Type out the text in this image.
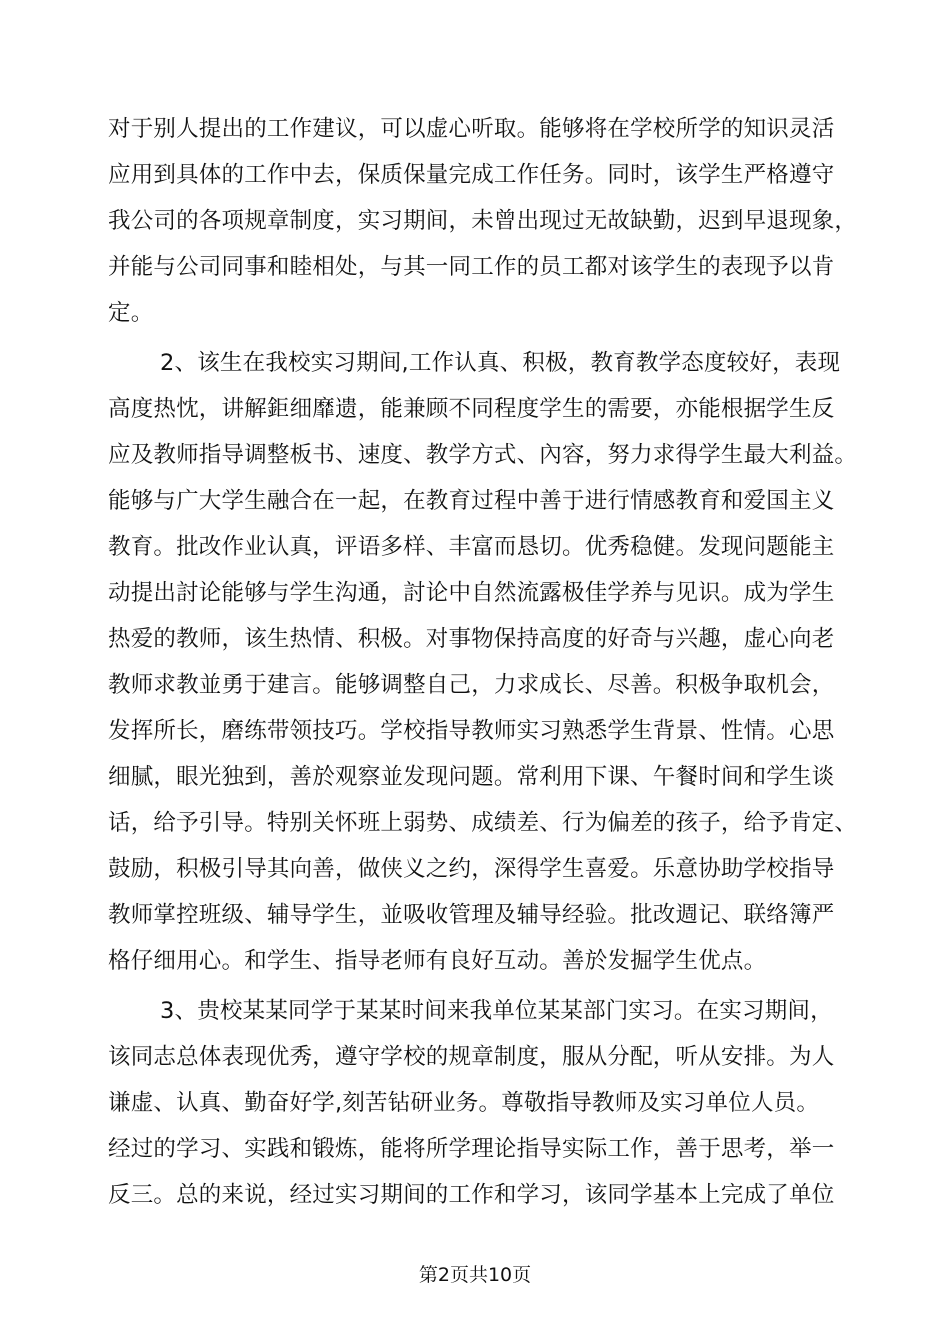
对于别人提出的工作建议，可以虚心听取。能够将在学校所学的知识灵活
应用到具体的工作中去，保质保量完成工作任务。同时，该学生严格遵守
我公司的各项规章制度，实习期间，未曾出现过无故缺勤，迟到早退现象，
并能与公司同事和睦相处，与其一同工作的员工都对该学生的表现予以肯
定。
2、该生在我校实习期间,工作认真、积极，教育教学态度较好，表现
高度热忱，讲解鉅细靡遗，能兼顾不同程度学生的需要，亦能根据学生反
应及教师指导调整板书、速度、教学方式、內容，努力求得学生最大利益。
能够与广大学生融合在一起，在教育过程中善于进行情感教育和爱国主义
教育。批改作业认真，评语多样、丰富而恳切。优秀稳健。发现问题能主
动提出討论能够与学生沟通，討论中自然流露极佳学养与见识。成为学生
热爱的教师，该生热情、积极。对事物保持高度的好奇与兴趣，虚心向老
教师求教並勇于建言。能够调整自己，力求成长、尽善。积极争取机会，
发挥所长，磨练带领技巧。学校指导教师实习熟悉学生背景、性情。心思
细腻，眼光独到，善於观察並发现问题。常利用下课、午餐时间和学生谈
话，给予引导。特别关怀班上弱势、成绩差、行为偏差的孩子，给予肯定、
鼓励，积极引导其向善，做侠义之约，深得学生喜爱。乐意协助学校指导
教师掌控班级、辅导学生，並吸收管理及辅导经验。批改週记、联络簿严
格仔细用心。和学生、指导老师有良好互动。善於发掘学生优点。
3、贵校某某同学于某某时间来我单位某某部门实习。在实习期间，
该同志总体表现优秀，遵守学校的规章制度，服从分配，听从安排。为人
谦虚、认真、勤奋好学,刻苦钻研业务。尊敬指导教师及实习单位人员。
经过的学习、实践和锻炼，能将所学理论指导实际工作，善于思考，举一
反三。总的来说，经过实习期间的工作和学习，该同学基本上完成了单位
第2页共10页
